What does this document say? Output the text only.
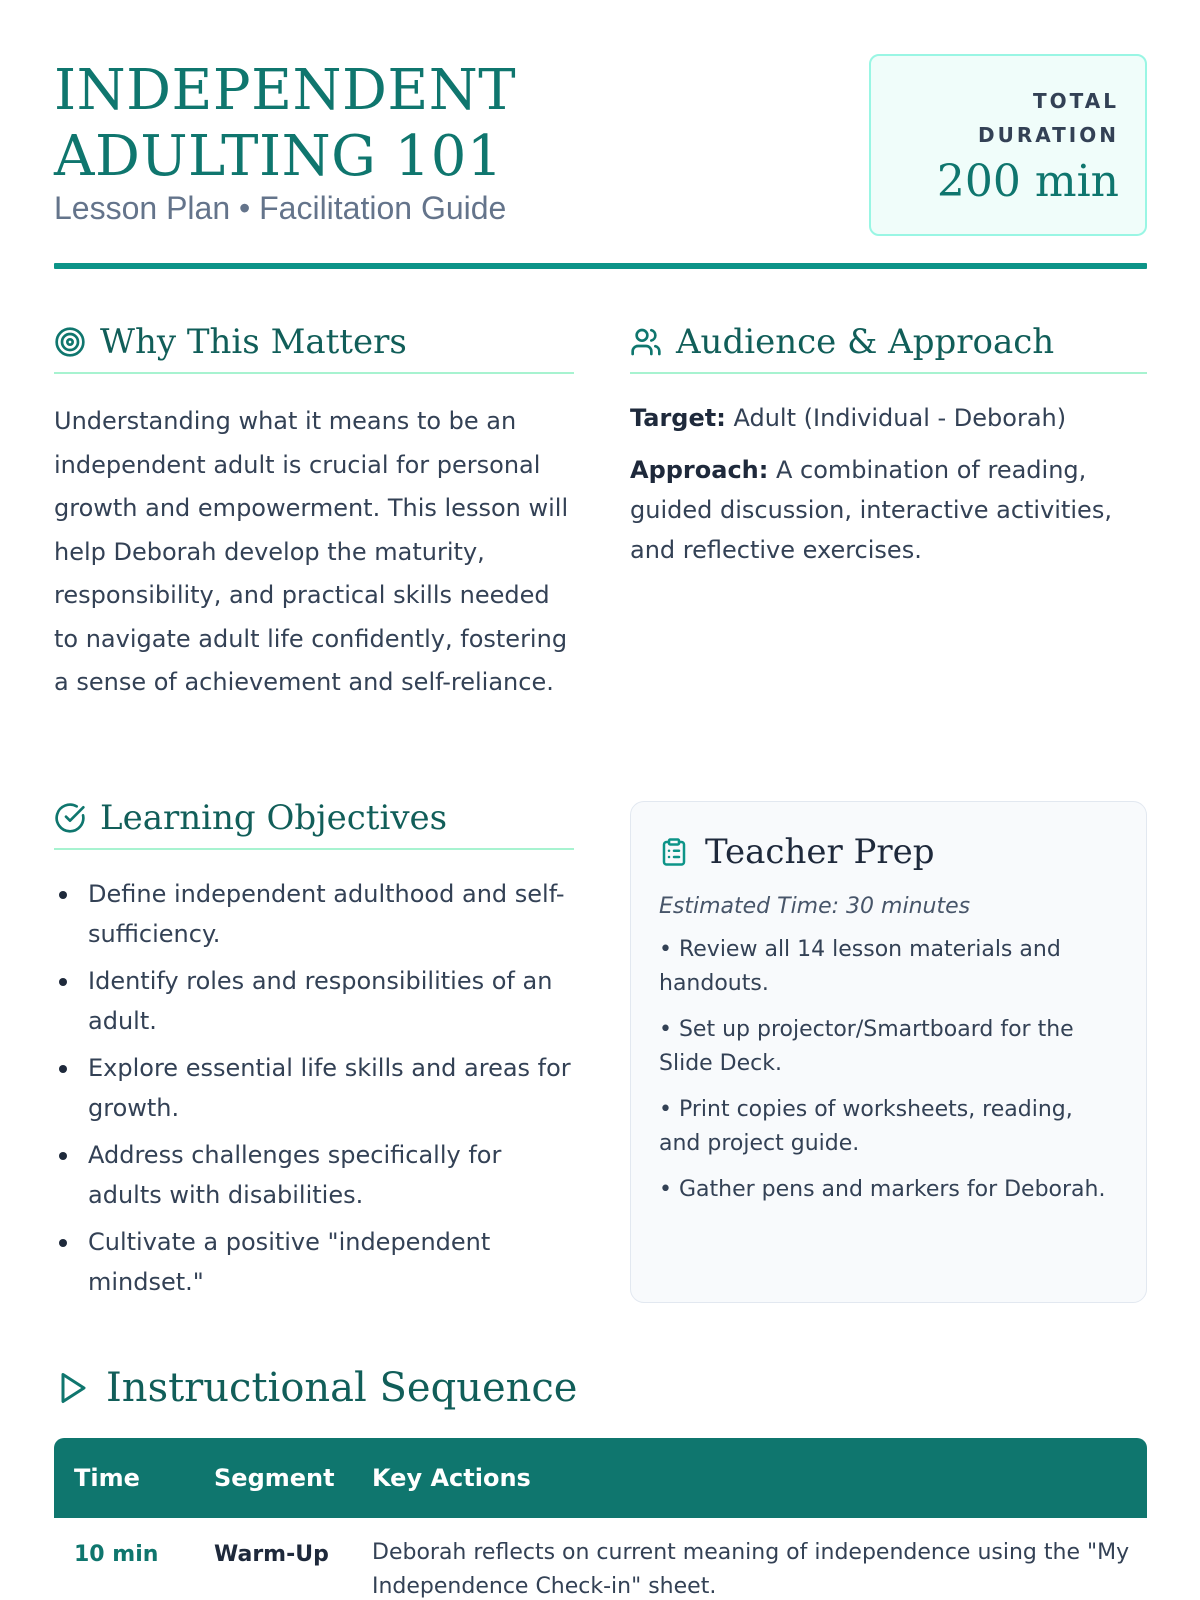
INDEPENDENT ADULTING 101
Lesson Plan • Facilitation Guide
TOTAL DURATION
200 min
Why This Matters

Understanding what it means to be an independent adult is crucial for personal growth and empowerment. This lesson will help Deborah develop the maturity, responsibility, and practical skills needed to navigate adult life confidently, fostering a sense of achievement and self-reliance.

Audience & Approach
Target: Adult (Individual - Deborah)
Approach: A combination of reading, guided discussion, interactive activities, and reflective exercises.
Learning Objectives
Define independent adulthood and self-sufficiency.
Identify roles and responsibilities of an adult.
Explore essential life skills and areas for growth.
Address challenges specifically for adults with disabilities.
Cultivate a positive "independent mindset."
Teacher Prep
Estimated Time: 30 minutes
• Review all 14 lesson materials and handouts.
• Set up projector/Smartboard for the Slide Deck.
• Print copies of worksheets, reading, and project guide.
• Gather pens and markers for Deborah.
Instructional Sequence
Time	Segment	Key Actions
10 min	Warm-Up	Deborah reflects on current meaning of independence using the "My Independence Check-in" sheet.
